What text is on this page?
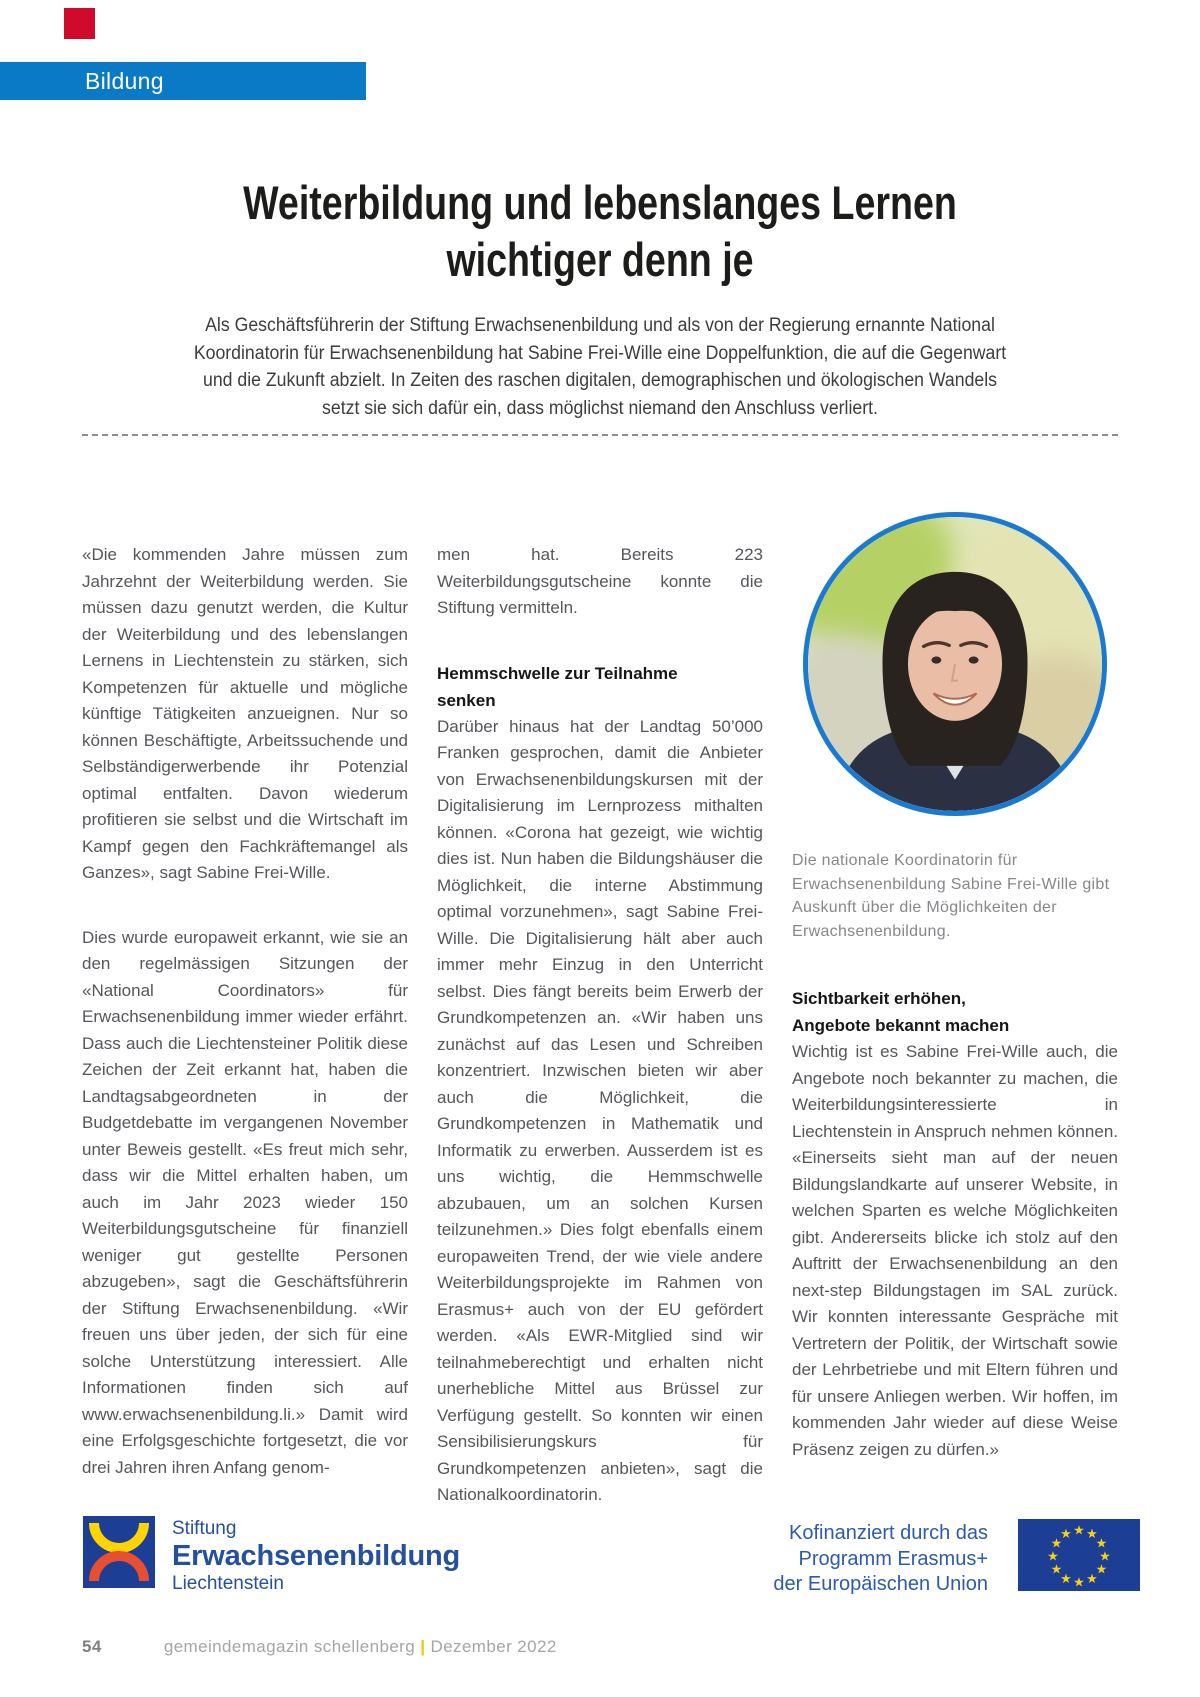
Bildung
Weiterbildung und lebenslanges Lernen
wichtiger denn je
Als Geschäftsführerin der Stiftung Erwachsenenbildung und als von der Regierung ernannte National
Koordinatorin für Erwachsenenbildung hat Sabine Frei-Wille eine Doppelfunktion, die auf die Gegenwart
und die Zukunft abzielt. In Zeiten des raschen digitalen, demographischen und ökologischen Wandels
setzt sie sich dafür ein, dass möglichst niemand den Anschluss verliert.

«Die kommenden Jahre müssen zum Jahrzehnt der Weiterbildung werden. Sie müssen dazu genutzt werden, die Kultur der Weiterbildung und des lebenslangen Lernens in Liechtenstein zu stärken, sich Kompetenzen für aktuelle und mögliche künftige Tätigkeiten anzueignen. Nur so können Beschäftigte, Arbeitssuchende und Selbständigerwerbende ihr Potenzial optimal entfalten. Davon wiederum profitieren sie selbst und die Wirtschaft im Kampf gegen den Fachkräftemangel als Ganzes», sagt Sabine Frei-Wille.

Dies wurde europaweit erkannt, wie sie an den regelmässigen Sitzungen der «National Coordinators» für Erwachsenenbildung immer wieder erfährt. Dass auch die Liechtensteiner Politik diese Zeichen der Zeit erkannt hat, haben die Landtagsabgeordneten in der Budgetdebatte im vergangenen November unter Beweis gestellt. «Es freut mich sehr, dass wir die Mittel erhalten haben, um auch im Jahr 2023 wieder 150 Weiterbildungsgutscheine für finanziell weniger gut gestellte Personen abzugeben», sagt die Geschäftsführerin der Stiftung Erwachsenenbildung. «Wir freuen uns über jeden, der sich für eine solche Unterstützung interessiert. Alle Informationen finden sich auf www.erwachsenenbildung.li.» Damit wird eine Erfolgsgeschichte fortgesetzt, die vor drei Jahren ihren Anfang genom-

men hat. Bereits 223 Weiterbildungsgutscheine konnte die Stiftung vermitteln.

Hemmschwelle zur Teilnahme
senken

Darüber hinaus hat der Landtag 50’000 Franken gesprochen, damit die Anbieter von Erwachsenenbildungskursen mit der Digitalisierung im Lernprozess mithalten können. «Corona hat gezeigt, wie wichtig dies ist. Nun haben die Bildungshäuser die Möglichkeit, die interne Abstimmung optimal vorzunehmen», sagt Sabine Frei-Wille. Die Digitalisierung hält aber auch immer mehr Einzug in den Unterricht selbst. Dies fängt bereits beim Erwerb der Grundkompetenzen an. «Wir haben uns zunächst auf das Lesen und Schreiben konzentriert. Inzwischen bieten wir aber auch die Möglichkeit, die Grundkompetenzen in Mathematik und Informatik zu erwerben. Ausserdem ist es uns wichtig, die Hemmschwelle abzubauen, um an solchen Kursen teilzunehmen.» Dies folgt ebenfalls einem europaweiten Trend, der wie viele andere Weiterbildungsprojekte im Rahmen von Erasmus+ auch von der EU gefördert werden. «Als EWR-Mitglied sind wir teilnahmeberechtigt und erhalten nicht unerhebliche Mittel aus Brüssel zur Verfügung gestellt. So konnten wir einen Sensibilisierungskurs für Grundkompetenzen anbieten», sagt die Nationalkoordinatorin.

Die nationale Koordinatorin für Erwachsenenbildung Sabine Frei-Wille gibt Auskunft über die Möglichkeiten der Erwachsenenbildung.

Sichtbarkeit erhöhen,
Angebote bekannt machen

Wichtig ist es Sabine Frei-Wille auch, die Angebote noch bekannter zu machen, die Weiterbildungsinteressierte in Liechtenstein in Anspruch nehmen können. «Einerseits sieht man auf der neuen Bildungslandkarte auf unserer Website, in welchen Sparten es welche Möglichkeiten gibt. Andererseits blicke ich stolz auf den Auftritt der Erwachsenenbildung an den next-step Bildungstagen im SAL zurück. Wir konnten interessante Gespräche mit Vertretern der Politik, der Wirtschaft sowie der Lehrbetriebe und mit Eltern führen und für unsere Anliegen werben. Wir hoffen, im kommenden Jahr wieder auf diese Weise Präsenz zeigen zu dürfen.»

Stiftung
Erwachsenenbildung
Liechtenstein
Kofinanziert durch das
Programm Erasmus+
der Europäischen Union
★ ★
★
★
★
★
★
★
★
★
★
★
54	gemeindemagazin schellenberg | Dezember 2022
